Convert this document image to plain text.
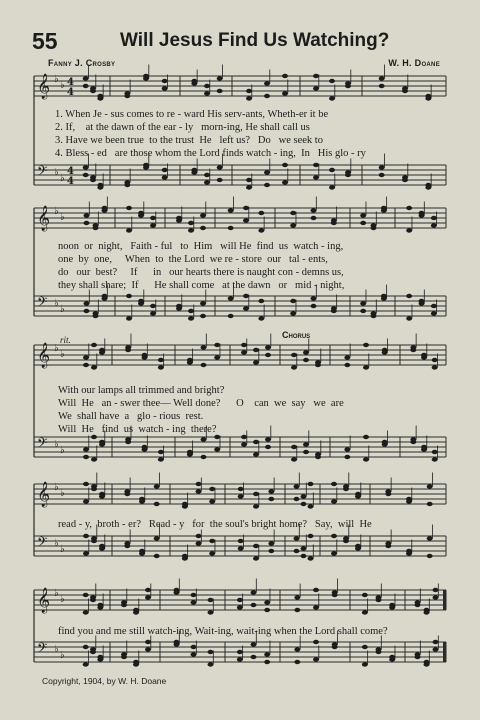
55	Will Jesus Find Us Watching?
Fanny J. Crosby	W. H. Doane
𝄞 ♭
♭
𝄢 ♭
♭
𝄞 ♭
♭
𝄢 ♭
♭
𝄞 ♭
♭
𝄢 ♭
♭
𝄞 ♭
♭
𝄢 ♭
♭
𝄞 ♭
♭
𝄢 ♭
♭
4
4
4
4
1. When Je - sus comes to re - ward His serv-ants, Wheth-er it be
2. If,    at the dawn of the ear - ly   morn-ing, He shall call us
3. Have we been true  to the trust  He   left us?   Do   we seek to
4. Bless - ed   are those whom the Lord finds watch - ing,  In   His glo - ry
noon  or  night,   Faith - ful   to  Him   will He  find  us  watch - ing,
one  by  one,     When  to  the Lord  we re - store  our   tal - ents,
do   our  best?     If      in   our hearts there is naught con - demns us,
they shall share;  If      He shall come   at the dawn   or   mid - night,
rit.	Chorus
With our lamps all trimmed and bright?
Will  He   an - swer thee— Well done?      O    can  we  say   we  are
We  shall have  a   glo - rious  rest.
Will  He   find  us  watch - ing  there?
read - y,  broth - er?   Read - y   for  the soul's bright home?   Say,  will  He
find you and me still watch-ing, Wait-ing, wait-ing when the Lord shall come?
Copyright, 1904, by W. H. Doane
